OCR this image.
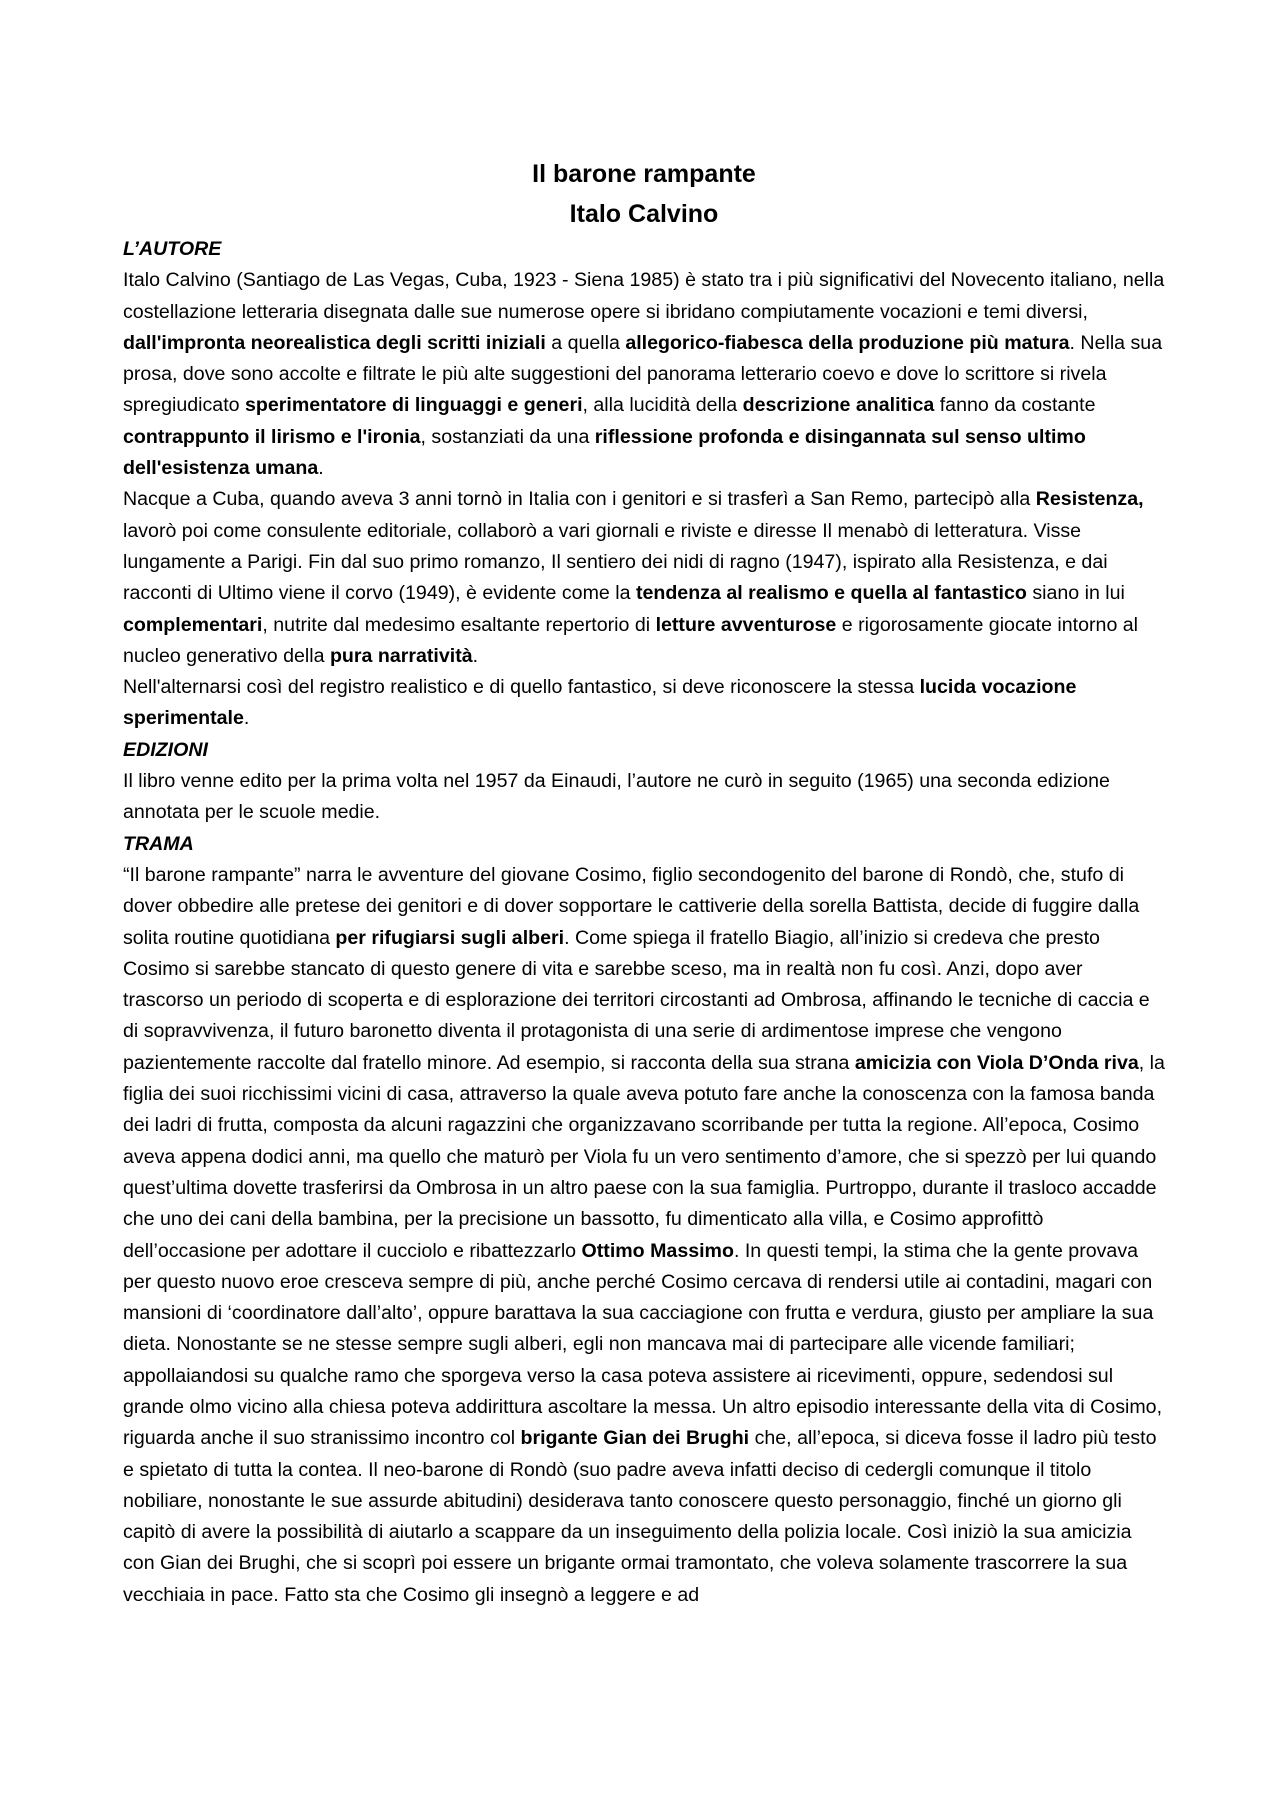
Il barone rampante
Italo Calvino

L’AUTORE

Italo Calvino (Santiago de Las Vegas, Cuba, 1923 - Siena 1985) è stato tra i più significativi del Novecento italiano, nella costellazione letteraria disegnata dalle sue numerose opere si ibridano compiutamente vocazioni e temi diversi, dall'impronta neorealistica degli scritti iniziali a quella allegorico-fiabesca della produzione più matura. Nella sua prosa, dove sono accolte e filtrate le più alte suggestioni del panorama letterario coevo e dove lo scrittore si rivela spregiudicato sperimentatore di linguaggi e generi, alla lucidità della descrizione analitica fanno da costante contrappunto il lirismo e l'ironia, sostanziati da una riflessione profonda e disingannata sul senso ultimo dell'esistenza umana.

Nacque a Cuba, quando aveva 3 anni tornò in Italia con i genitori e si trasferì a San Remo, partecipò alla Resistenza, lavorò poi come consulente editoriale, collaborò a vari giornali e riviste e diresse Il menabò di letteratura. Visse lungamente a Parigi. Fin dal suo primo romanzo, Il sentiero dei nidi di ragno (1947), ispirato alla Resistenza, e dai racconti di Ultimo viene il corvo (1949), è evidente come la tendenza al realismo e quella al fantastico siano in lui complementari, nutrite dal medesimo esaltante repertorio di letture avventurose e rigorosamente giocate intorno al nucleo generativo della pura narratività.

Nell'alternarsi così del registro realistico e di quello fantastico, si deve riconoscere la stessa lucida vocazione sperimentale.

EDIZIONI

Il libro venne edito per la prima volta nel 1957 da Einaudi, l’autore ne curò in seguito (1965) una seconda edizione annotata per le scuole medie.

TRAMA

“Il barone rampante” narra le avventure del giovane Cosimo, figlio secondogenito del barone di Rondò, che, stufo di dover obbedire alle pretese dei genitori e di dover sopportare le cattiverie della sorella Battista, decide di fuggire dalla solita routine quotidiana per rifugiarsi sugli alberi. Come spiega il fratello Biagio, all’inizio si credeva che presto Cosimo si sarebbe stancato di questo genere di vita e sarebbe sceso, ma in realtà non fu così. Anzi, dopo aver trascorso un periodo di scoperta e di esplorazione dei territori circostanti ad Ombrosa, affinando le tecniche di caccia e di sopravvivenza, il futuro baronetto diventa il protagonista di una serie di ardimentose imprese che vengono pazientemente raccolte dal fratello minore. Ad esempio, si racconta della sua strana amicizia con Viola D’Onda riva, la figlia dei suoi ricchissimi vicini di casa, attraverso la quale aveva potuto fare anche la conoscenza con la famosa banda dei ladri di frutta, composta da alcuni ragazzini che organizzavano scorribande per tutta la regione. All’epoca, Cosimo aveva appena dodici anni, ma quello che maturò per Viola fu un vero sentimento d’amore, che si spezzò per lui quando quest’ultima dovette trasferirsi da Ombrosa in un altro paese con la sua famiglia. Purtroppo, durante il trasloco accadde che uno dei cani della bambina, per la precisione un bassotto, fu dimenticato alla villa, e Cosimo approfittò dell’occasione per adottare il cucciolo e ribattezzarlo Ottimo Massimo. In questi tempi, la stima che la gente provava per questo nuovo eroe cresceva sempre di più, anche perché Cosimo cercava di rendersi utile ai contadini, magari con mansioni di ‘coordinatore dall’alto’, oppure barattava la sua cacciagione con frutta e verdura, giusto per ampliare la sua dieta. Nonostante se ne stesse sempre sugli alberi, egli non mancava mai di partecipare alle vicende familiari; appollaiandosi su qualche ramo che sporgeva verso la casa poteva assistere ai ricevimenti, oppure, sedendosi sul grande olmo vicino alla chiesa poteva addirittura ascoltare la messa. Un altro episodio interessante della vita di Cosimo, riguarda anche il suo stranissimo incontro col brigante Gian dei Brughi che, all’epoca, si diceva fosse il ladro più testo e spietato di tutta la contea. Il neo-barone di Rondò (suo padre aveva infatti deciso di cedergli comunque il titolo nobiliare, nonostante le sue assurde abitudini) desiderava tanto conoscere questo personaggio, finché un giorno gli capitò di avere la possibilità di aiutarlo a scappare da un inseguimento della polizia locale. Così iniziò la sua amicizia con Gian dei Brughi, che si scoprì poi essere un brigante ormai tramontato, che voleva solamente trascorrere la sua vecchiaia in pace. Fatto sta che Cosimo gli insegnò a leggere e ad
